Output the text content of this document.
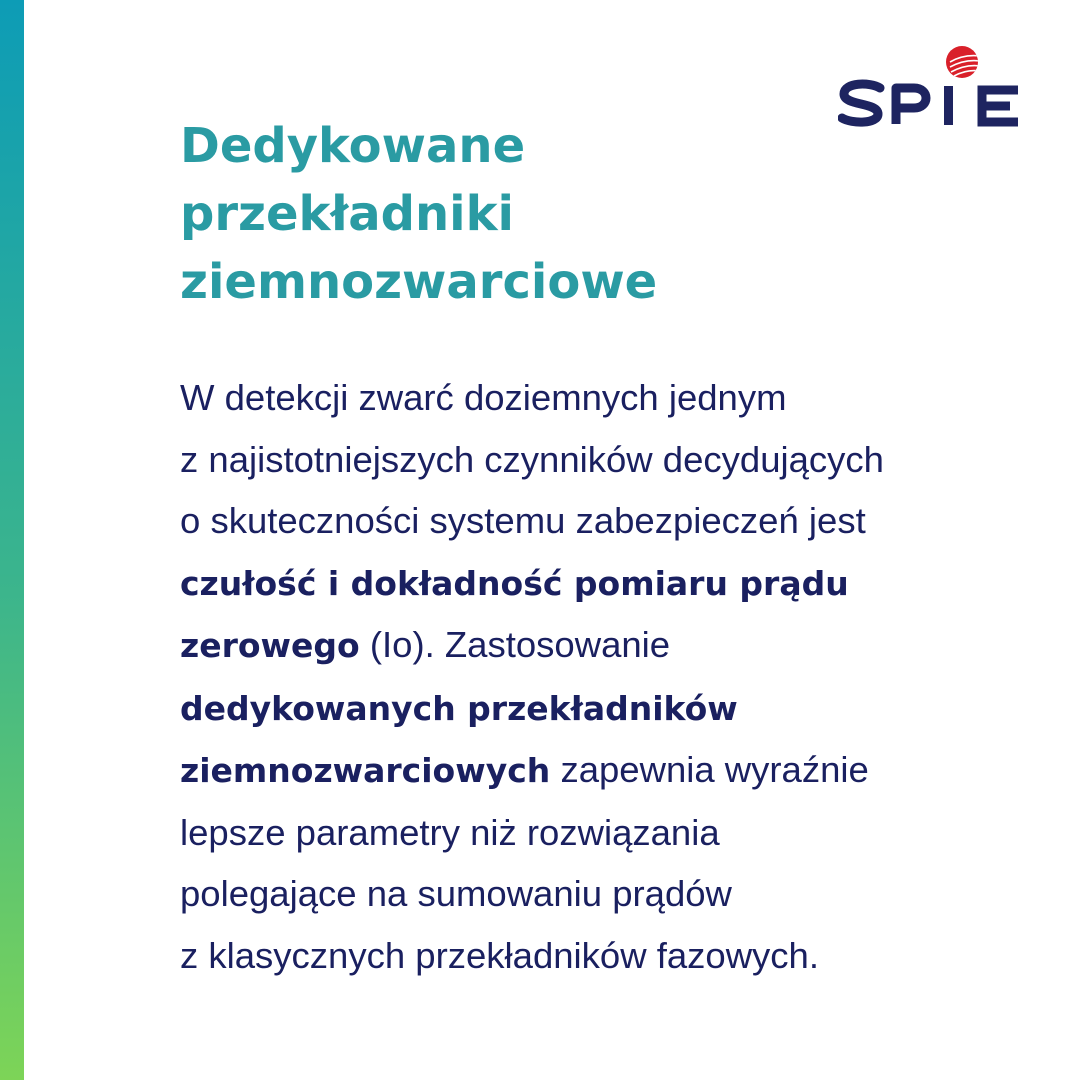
SPIE
Dedykowane
przekładniki
ziemnozwarciowe

W detekcji zwarć doziemnych jednym
z najistotniejszych czynników decydujących
o skuteczności systemu zabezpieczeń jest
czułość i dokładność pomiaru prądu
zerowego (Io). Zastosowanie
dedykowanych przekładników
ziemnozwarciowych zapewnia wyraźnie
lepsze parametry niż rozwiązania
polegające na sumowaniu prądów
z klasycznych przekładników fazowych.
